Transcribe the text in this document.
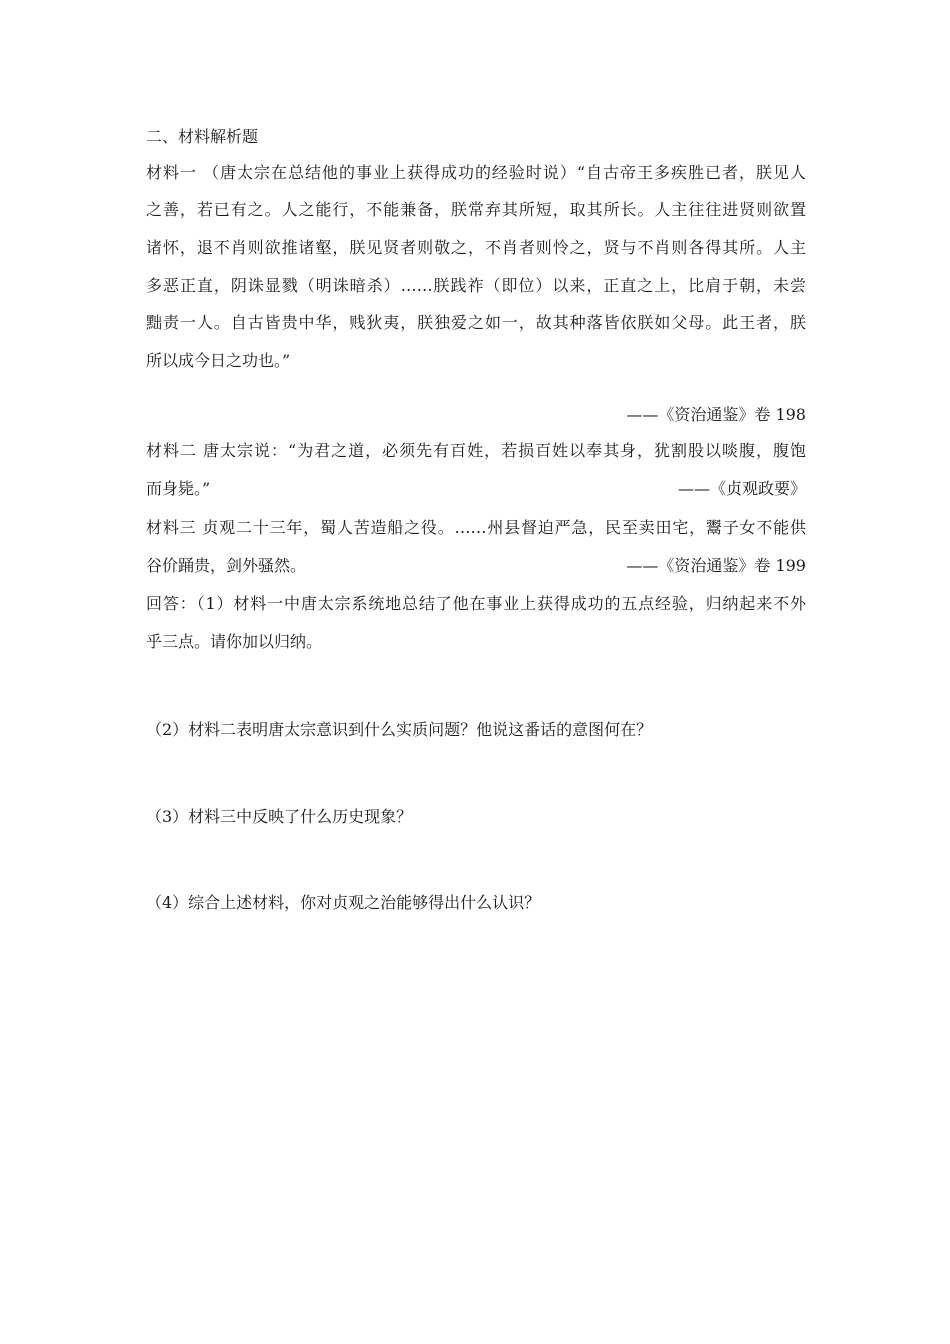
二、材料解析题
材料一 （唐太宗在总结他的事业上获得成功的经验时说）“自古帝王多疾胜已者，朕见人
之善，若已有之。人之能行，不能兼备，朕常弃其所短，取其所长。人主往往进贤则欲置
诸怀，退不肖则欲推诸壑，朕见贤者则敬之，不肖者则怜之，贤与不肖则各得其所。人主
多恶正直，阴诛显戮（明诛暗杀）……朕践祚（即位）以来，正直之上，比肩于朝，未尝
黜责一人。自古皆贵中华，贱狄夷，朕独爱之如一，故其种落皆依朕如父母。此王者，朕
所以成今日之功也。”
——《资治通鉴》卷 198
材料二 唐太宗说：“为君之道，必须先有百姓，若损百姓以奉其身，犹割股以啖腹，腹饱
而身毙。”	——《贞观政要》
材料三 贞观二十三年，蜀人苦造船之役。……州县督迫严急，民至卖田宅，鬻子女不能供
谷价踊贵，剑外骚然。	——《资治通鉴》卷 199
回答：（1）材料一中唐太宗系统地总结了他在事业上获得成功的五点经验，归纳起来不外
乎三点。请你加以归纳。
（2）材料二表明唐太宗意识到什么实质问题？他说这番话的意图何在？
（3）材料三中反映了什么历史现象？
（4）综合上述材料，你对贞观之治能够得出什么认识？
